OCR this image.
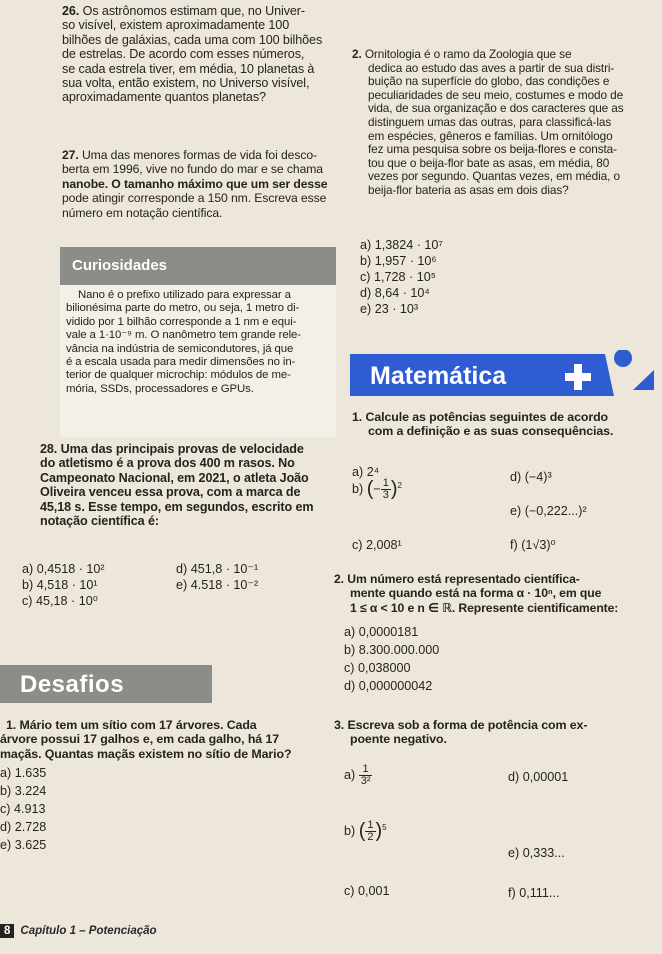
26. Os astrônomos estimam que, no Univer-
so visível, existem aproximadamente 100
bilhões de galáxias, cada uma com 100 bilhões
de estrelas. De acordo com esses números,
se cada estrela tiver, em média, 10 planetas à
sua volta, então existem, no Universo visível,
aproximadamente quantos planetas?
27. Uma das menores formas de vida foi desco-
berta em 1996, vive no fundo do mar e se chama
nanobe. O tamanho máximo que um ser desse
pode atingir corresponde a 150 nm. Escreva esse
número em notação científica.
Curiosidades
Nano é o prefixo utilizado para expressar a
bilionésima parte do metro, ou seja, 1 metro di-
vidido por 1 bilhão corresponde a 1 nm e equi-
vale a 1·10⁻⁹ m. O nanômetro tem grande rele-
vância na indústria de semicondutores, já que
é a escala usada para medir dimensões no in-
terior de qualquer microchip: módulos de me-
mória, SSDs, processadores e GPUs.
28. Uma das principais provas de velocidade
do atletismo é a prova dos 400 m rasos. No
Campeonato Nacional, em 2021, o atleta João
Oliveira venceu essa prova, com a marca de
45,18 s. Esse tempo, em segundos, escrito em
notação científica é:
a) 0,4518 · 10²
b) 4,518 · 10¹
c) 45,18 · 10⁰
d) 451,8 · 10⁻¹
e) 4.518 · 10⁻²
Desafios
1. Mário tem um sítio com 17 árvores. Cada
árvore possui 17 galhos e, em cada galho, há 17
maçãs. Quantas maçãs existem no sítio de Mario?
a) 1.635
b) 3.224
c) 4.913
d) 2.728
e) 3.625
8 Capítulo 1 – Potenciação
2. Ornitologia é o ramo da Zoologia que se
dedica ao estudo das aves a partir de sua distri-
buição na superfície do globo, das condições e
peculiaridades de seu meio, costumes e modo de
vida, de sua organização e dos caracteres que as
distinguem umas das outras, para classificá-las
em espécies, gêneros e famílias. Um ornitólogo
fez uma pesquisa sobre os beija-flores e consta-
tou que o beija-flor bate as asas, em média, 80
vezes por segundo. Quantas vezes, em média, o
beija-flor bateria as asas em dois dias?
a) 1,3824 · 10⁷
b) 1,957 · 10⁶
c) 1,728 · 10⁵
d) 8,64 · 10⁴
e) 23 · 10³
Matemática
1. Calcule as potências seguintes de acordo
com a definição e as suas consequências.
a) 2⁴
b) (− $\frac{1}{3} )^2$
c) 2,008¹
d) (−4)³
e) (−0,222...)²
f) (1√3)⁰
2. Um número está representado científica-
mente quando está na forma α · 10ⁿ, em que
1 ≤ α < 10 e n ∈ ℝ. Represente cientificamente:
a) 0,0000181
b) 8.300.000.000
c) 0,038000
d) 0,000000042
3. Escreva sob a forma de potência com ex-
poente negativo.
$a) \frac{1}{\text{3²}}$
b) ( $\frac{1}{2} )^5$
c) 0,001
d) 0,00001
e) 0,333...
f) 0,111...
